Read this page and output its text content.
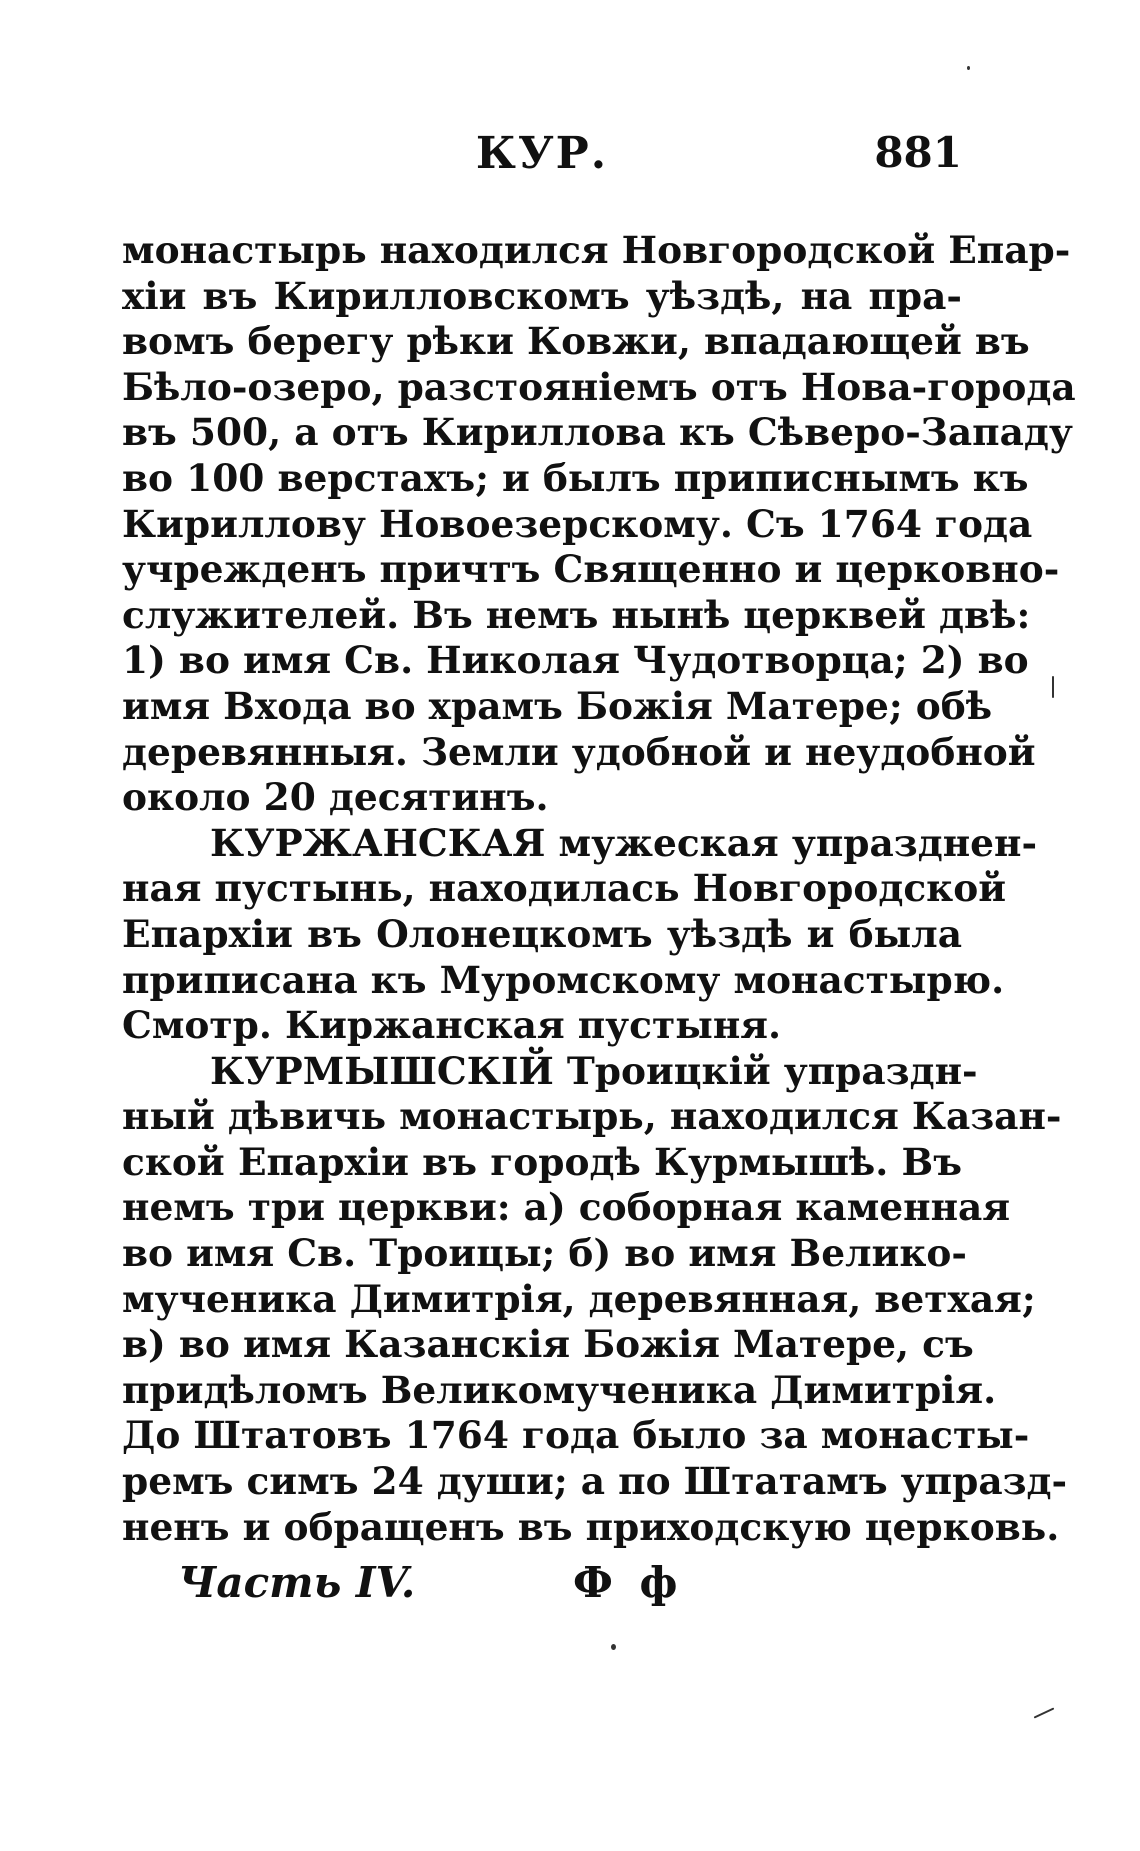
КУР.	881
монастырь находился Новгородской Епар-
хіи въ Кирилловскомъ уѣздѣ, на пра-
вомъ берегу рѣки Ковжи, впадающей въ
Бѣло-озеро, разстояніемъ отъ Нова-города
въ 500, а отъ Кириллова къ Сѣверо-Западу
во 100 верстахъ; и былъ приписнымъ къ
Кириллову Новоезерскому. Съ 1764 года
учрежденъ причтъ Священно и церковно-
служителей. Въ немъ нынѣ церквей двѣ:
1) во имя Св. Николая Чудотворца; 2) во
имя Входа во храмъ Божія Матере; обѣ
деревянныя. Земли удобной и неудобной
около 20 десятинъ.
КУРЖАНСКАЯ мужеская упразднен-
ная пустынь, находилась Новгородской
Епархіи въ Олонецкомъ уѣздѣ и была
приписана къ Муромскому монастырю.
Смотр. Киржанская пустыня.
КУРМЫШСКІЙ Троицкій упраздн-
ный дѣвичь монастырь, находился Казан-
ской Епархіи въ городѣ Курмышѣ. Въ
немъ три церкви: а) соборная каменная
во имя Св. Троицы; б) во имя Велико-
мученика Димитрія, деревянная, ветхая;
в) во имя Казанскія Божія Матере, съ
придѣломъ Великомученика Димитрія.
До Штатовъ 1764 года было за монасты-
ремъ симъ 24 души; а по Штатамъ упразд-
ненъ и обращенъ въ приходскую церковь.
Часть IV.	Ф ф
